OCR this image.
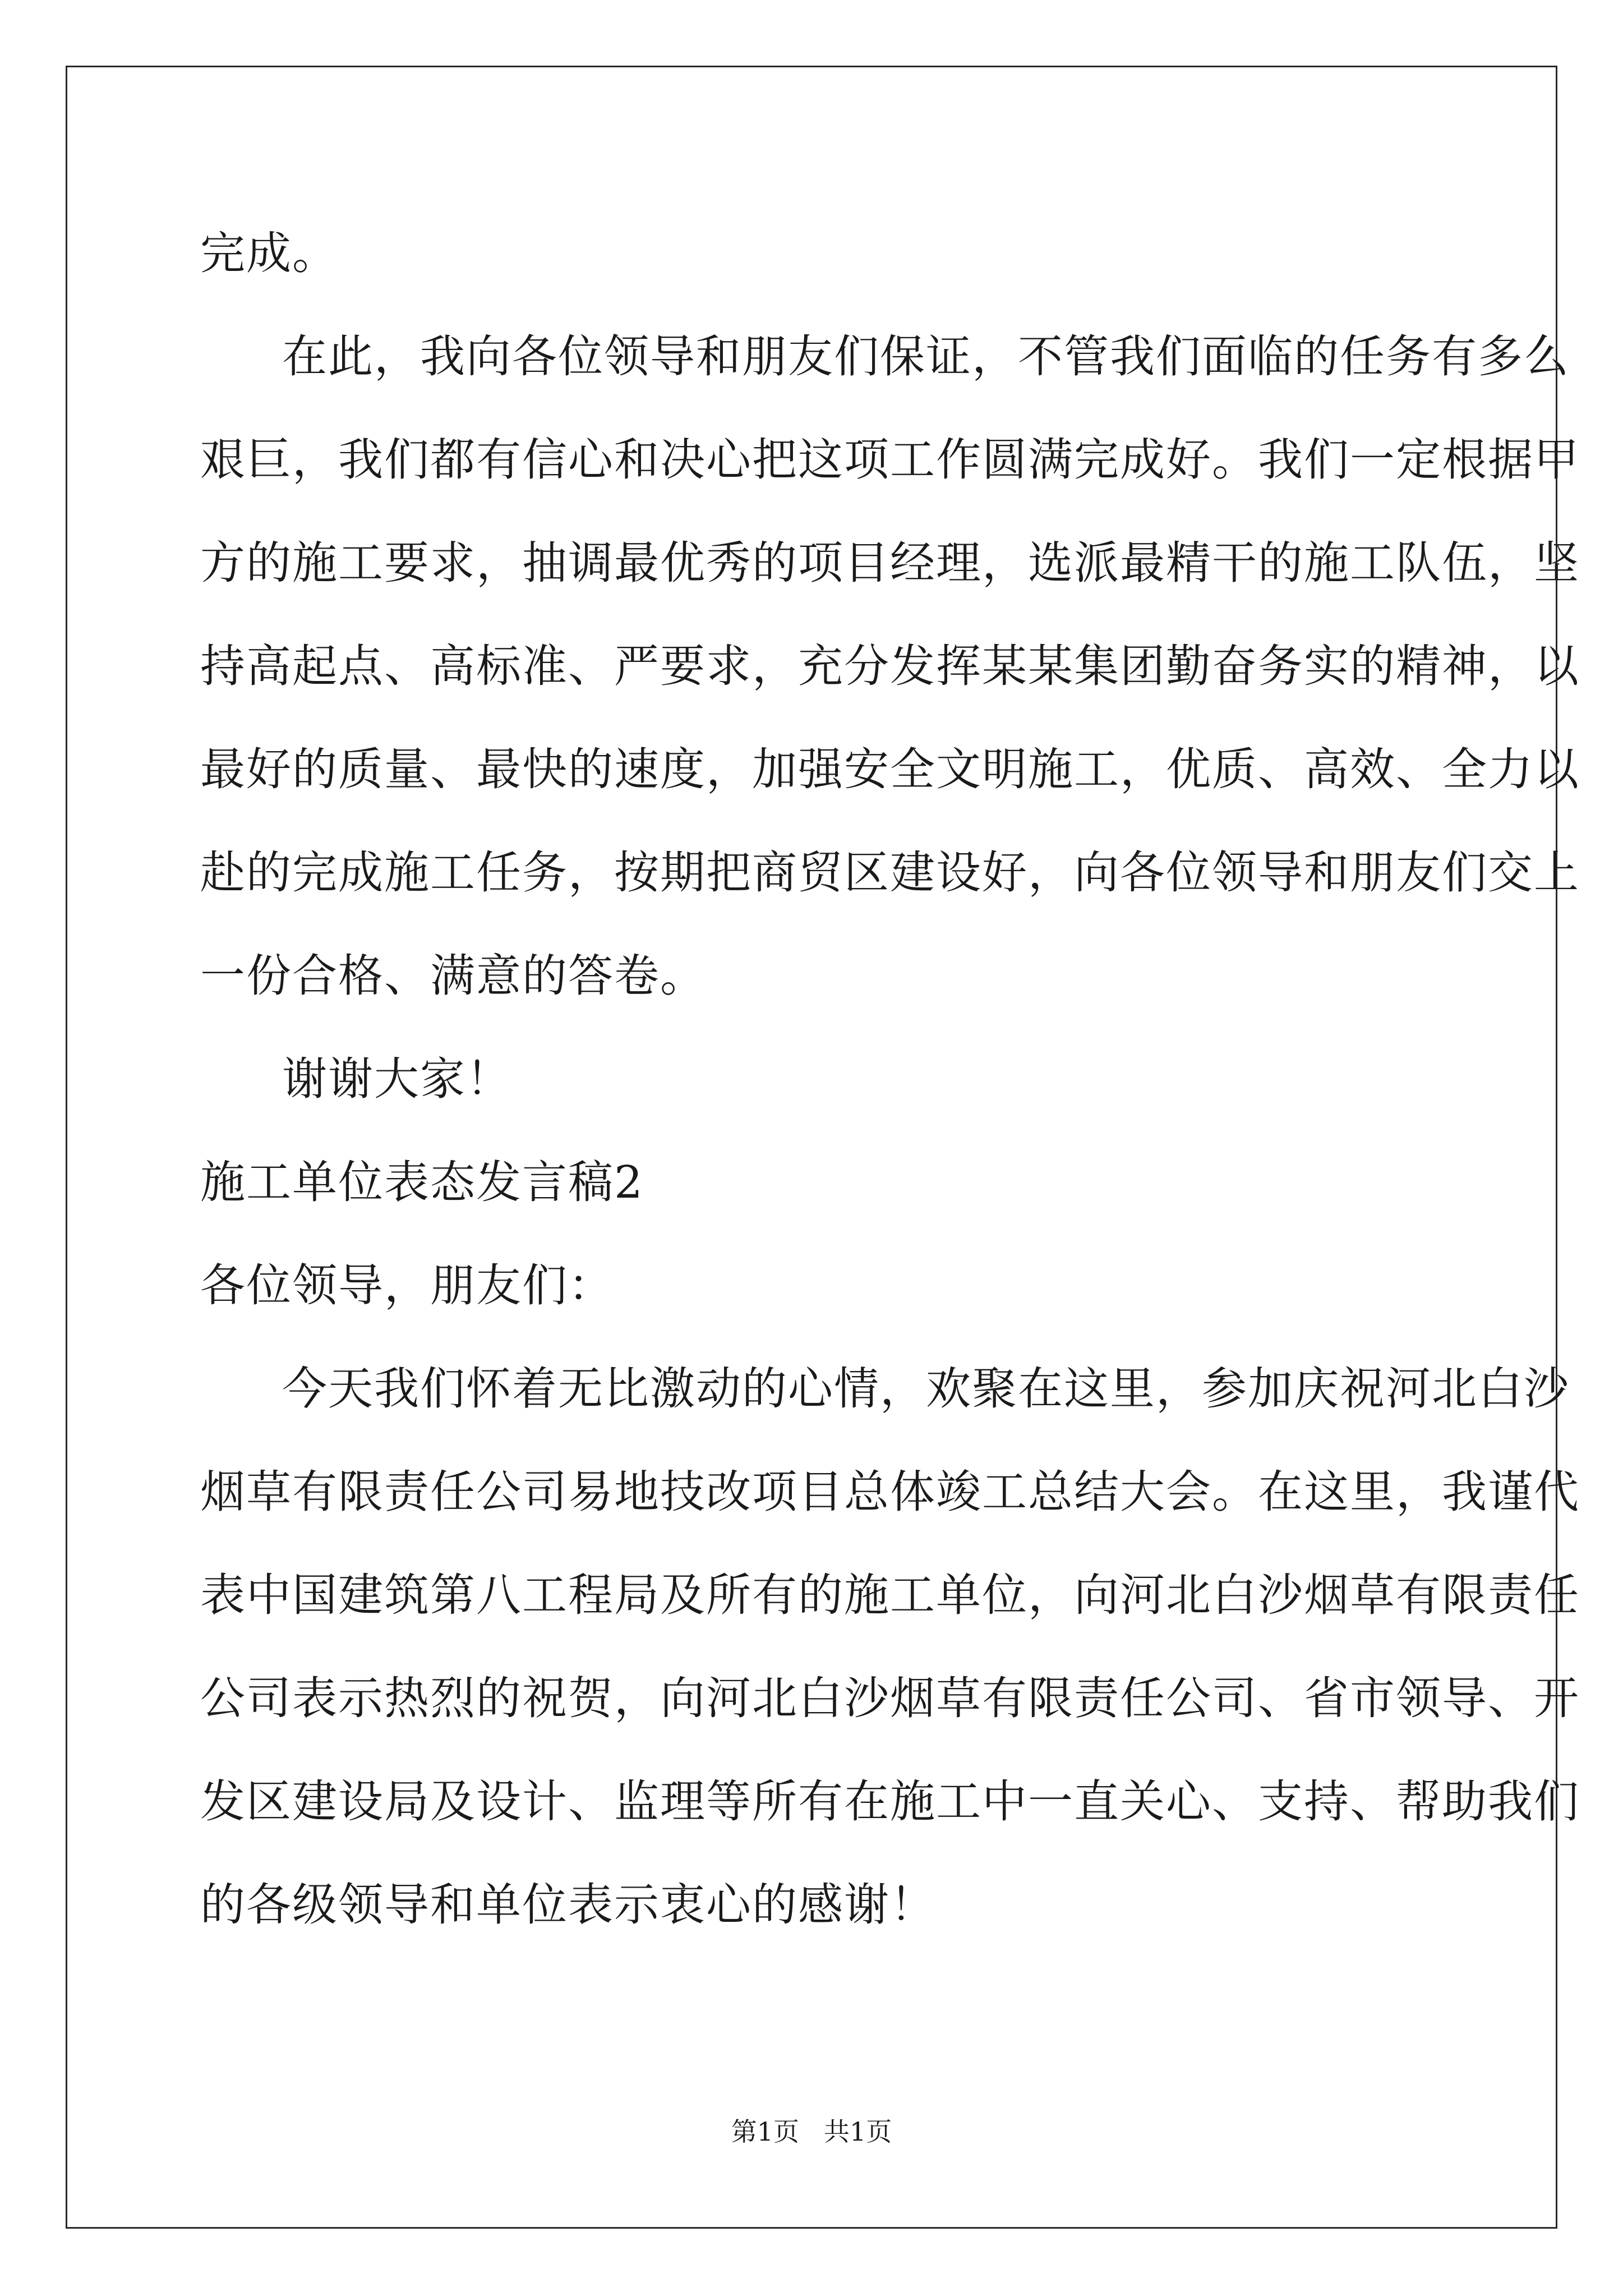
完成。
在此，我向各位领导和朋友们保证，不管我们面临的任务有多么
艰巨，我们都有信心和决心把这项工作圆满完成好。我们一定根据甲
方的施工要求，抽调最优秀的项目经理，选派最精干的施工队伍，坚
持高起点、高标准、严要求，充分发挥某某集团勤奋务实的精神，以
最好的质量、最快的速度，加强安全文明施工，优质、高效、全力以
赴的完成施工任务，按期把商贸区建设好，向各位领导和朋友们交上
一份合格、满意的答卷。
谢谢大家！
施工单位表态发言稿2
各位领导，朋友们：
今天我们怀着无比激动的心情，欢聚在这里，参加庆祝河北白沙
烟草有限责任公司易地技改项目总体竣工总结大会。在这里，我谨代
表中国建筑第八工程局及所有的施工单位，向河北白沙烟草有限责任
公司表示热烈的祝贺，向河北白沙烟草有限责任公司、省市领导、开
发区建设局及设计、监理等所有在施工中一直关心、支持、帮助我们
的各级领导和单位表示衷心的感谢！
第1页 共1页
